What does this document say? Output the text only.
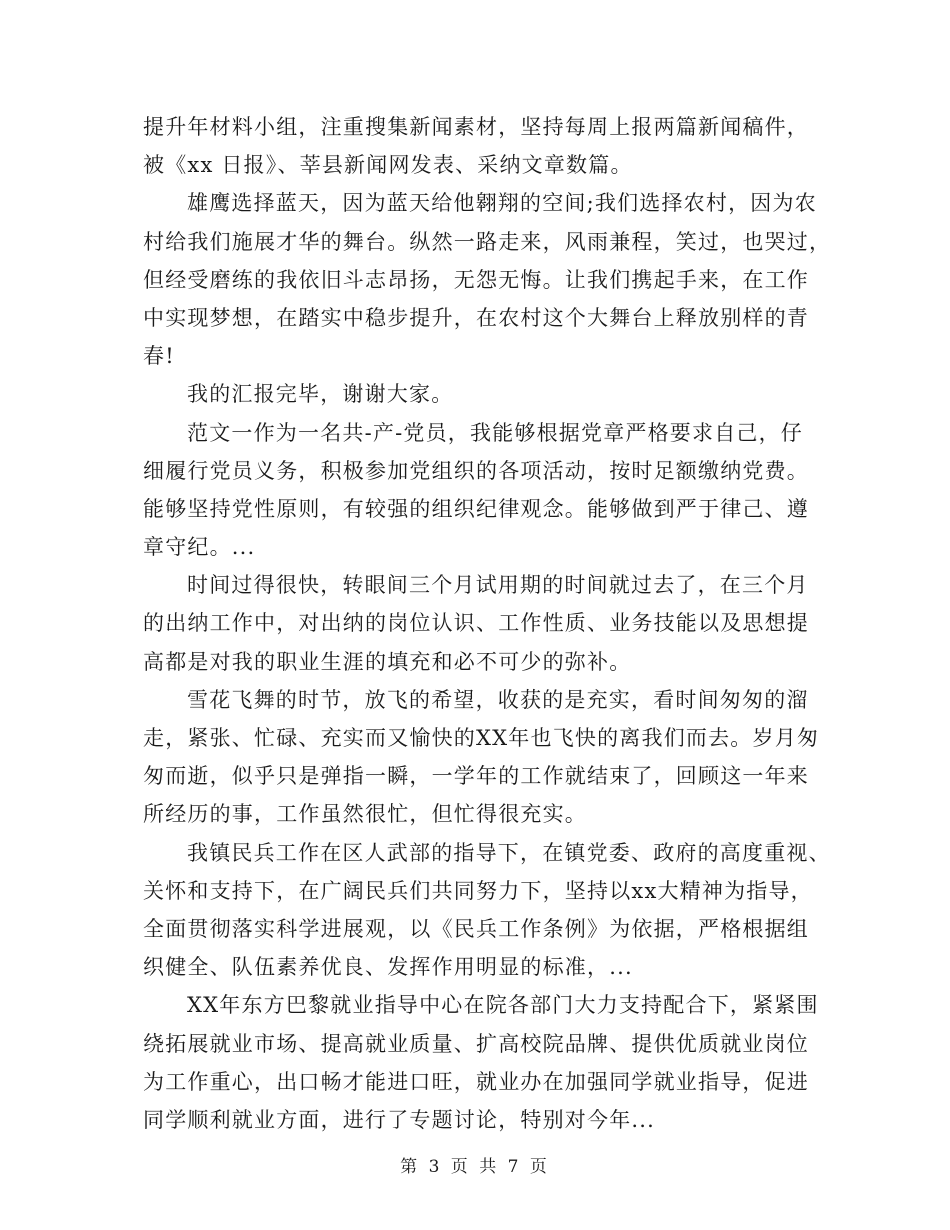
提升年材料小组，注重搜集新闻素材，坚持每周上报两篇新闻稿件，
被《xx 日报》、莘县新闻网发表、采纳文章数篇。
雄鹰选择蓝天，因为蓝天给他翱翔的空间;我们选择农村，因为农
村给我们施展才华的舞台。纵然一路走来，风雨兼程，笑过，也哭过，
但经受磨练的我依旧斗志昂扬，无怨无悔。让我们携起手来，在工作
中实现梦想，在踏实中稳步提升，在农村这个大舞台上释放别样的青
春!
我的汇报完毕，谢谢大家。
范文一作为一名共-产-党员，我能够根据党章严格要求自己，仔
细履行党员义务，积极参加党组织的各项活动，按时足额缴纳党费。
能够坚持党性原则，有较强的组织纪律观念。能够做到严于律己、遵
章守纪。...
时间过得很快，转眼间三个月试用期的时间就过去了，在三个月
的出纳工作中，对出纳的岗位认识、工作性质、业务技能以及思想提
高都是对我的职业生涯的填充和必不可少的弥补。
雪花飞舞的时节，放飞的希望，收获的是充实，看时间匆匆的溜
走，紧张、忙碌、充实而又愉快的XX年也飞快的离我们而去。岁月匆
匆而逝，似乎只是弹指一瞬，一学年的工作就结束了，回顾这一年来
所经历的事，工作虽然很忙，但忙得很充实。
我镇民兵工作在区人武部的指导下，在镇党委、政府的高度重视、
关怀和支持下，在广阔民兵们共同努力下，坚持以xx大精神为指导，
全面贯彻落实科学进展观，以《民兵工作条例》为依据，严格根据组
织健全、队伍素养优良、发挥作用明显的标准，...
XX年东方巴黎就业指导中心在院各部门大力支持配合下，紧紧围
绕拓展就业市场、提高就业质量、扩高校院品牌、提供优质就业岗位
为工作重心，出口畅才能进口旺，就业办在加强同学就业指导，促进
同学顺利就业方面，进行了专题讨论，特别对今年...
第 3 页 共 7 页
